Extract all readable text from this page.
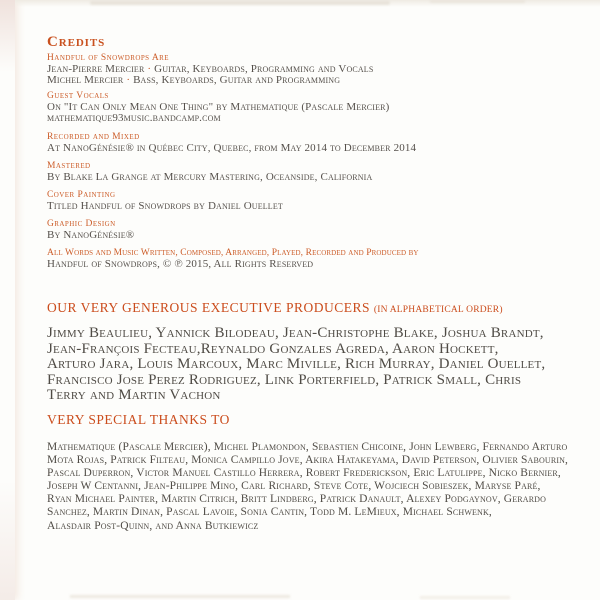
Credits
Handful of Snowdrops Are

Jean-Pierre Mercier · Guitar, Keyboards, Programming and Vocals

Michel Mercier · Bass, Keyboards, Guitar and Programming

Guest Vocals

On "It Can Only Mean One Thing" by Mathematique (Pascale Mercier)

mathematique93music.bandcamp.com

Recorded and Mixed

At NanoGénésie® in Québec City, Quebec, from May 2014 to December 2014

Mastered

By Blake La Grange at Mercury Mastering, Oceanside, California

Cover Painting

Titled Handful of Snowdrops by Daniel Ouellet

Graphic Design

By NanoGénésie®

All Words and Music Written, Composed, Arranged, Played, Recorded and Produced by

Handful of Snowdrops, © ℗ 2015, All Rights Reserved

OUR VERY GENEROUS EXECUTIVE PRODUCERS (IN ALPHABETICAL ORDER)
Jimmy Beaulieu, Yannick Bilodeau, Jean-Christophe Blake, Joshua Brandt,
Jean-François Fecteau,Reynaldo Gonzales Agreda, Aaron Hockett,
Arturo Jara, Louis Marcoux, Marc Miville, Rich Murray, Daniel Ouellet,
Francisco Jose Perez Rodriguez, Link Porterfield, Patrick Small, Chris
Terry and Martin Vachon
VERY SPECIAL THANKS TO
Mathematique (Pascale Mercier), Michel Plamondon, Sebastien Chicoine, John Lewberg, Fernando Arturo
Mota Rojas, Patrick Filteau, Monica Campillo Jove, Akira Hatakeyama, David Peterson, Olivier Sabourin,
Pascal Duperron, Victor Manuel Castillo Herrera, Robert Frederickson, Eric Latulippe, Nicko Bernier,
Joseph W Centanni, Jean-Philippe Mino, Carl Richard, Steve Cote, Wojciech Sobieszek, Maryse Paré,
Ryan Michael Painter, Martin Citrich, Britt Lindberg, Patrick Danault, Alexey Podgaynov, Gerardo
Sanchez, Martin Dinan, Pascal Lavoie, Sonia Cantin, Todd M. LeMieux, Michael Schwenk,
Alasdair Post-Quinn, and Anna Butkiewicz
